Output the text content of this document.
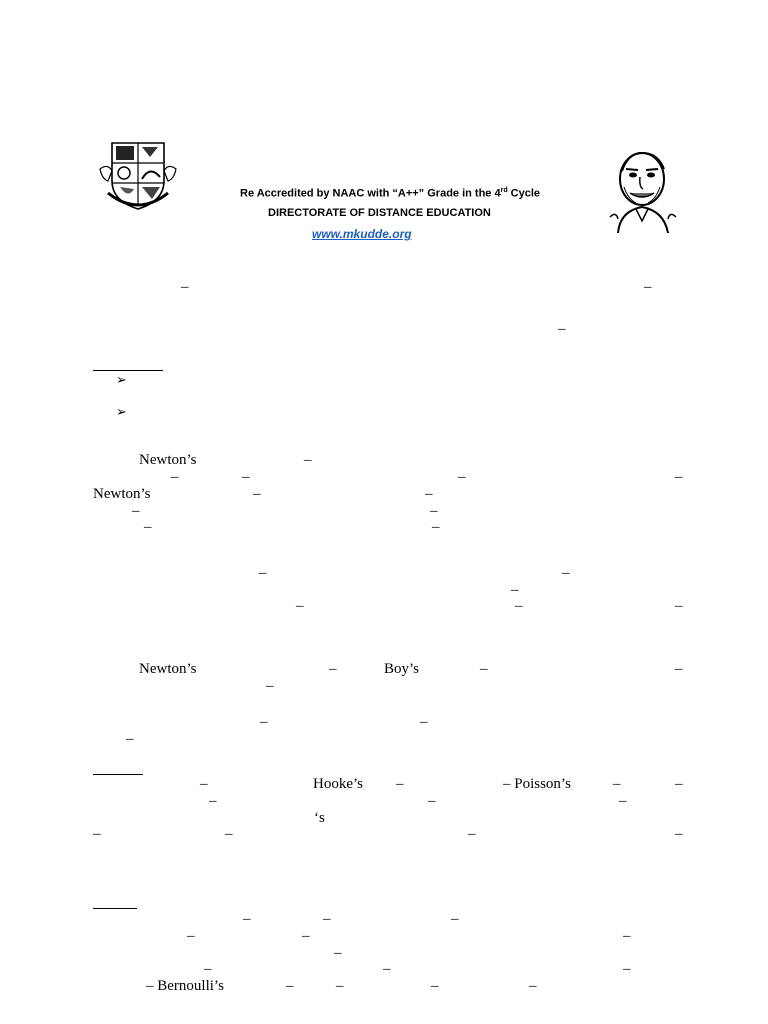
Re Accredited by NAAC with “A++” Grade in the 4rd Cycle
DIRECTORATE OF DISTANCE EDUCATION
www.mkudde.org
–	–
–
➢
➢
Newton’s	–
–	–	–	–
Newton’s	–	–
–	–
–	–
–	–
–
–	–	–
Newton’s	–	Boy’s	–	–
–
–	–
–
–	Hooke’s –	– Poisson’s	–	–
–	–	–
‘s
–	–	–	–
–	–	–
–	–	–
–
–	–	–
– Bernoulli’s	–	–	–	–
